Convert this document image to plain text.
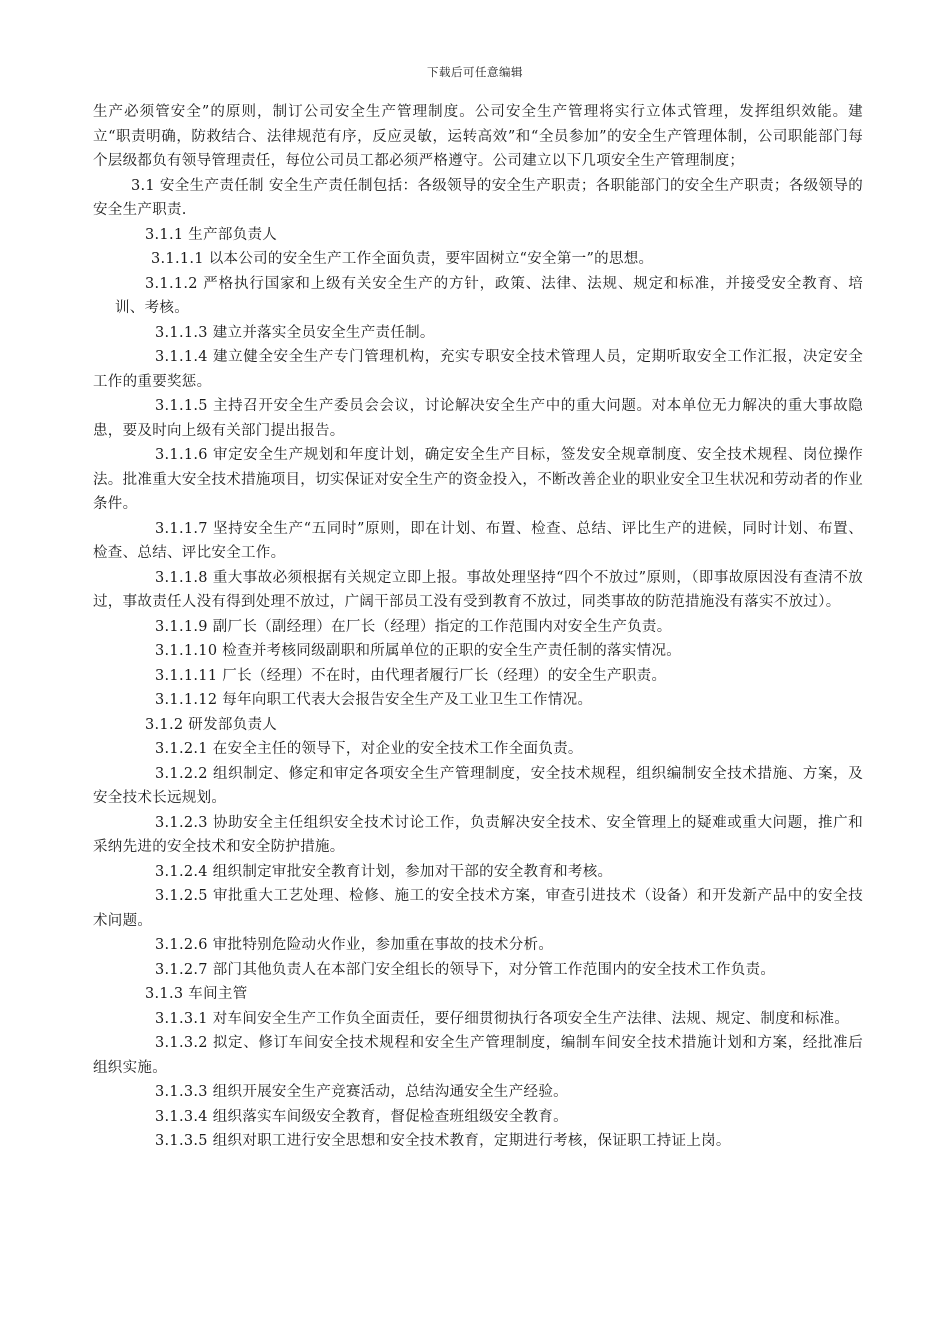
下载后可任意编辑

生产必须管安全”的原则，制订公司安全生产管理制度。公司安全生产管理将实行立体式管理，发挥组织效能。建立“职责明确，防救结合、法律规范有序，反应灵敏，运转高效”和“全员参加”的安全生产管理体制，公司职能部门每个层级都负有领导管理责任，每位公司员工都必须严格遵守。公司建立以下几项安全生产管理制度；

3.1 安全生产责任制 安全生产责任制包括：各级领导的安全生产职责；各职能部门的安全生产职责；各级领导的安全生产职责.

3.1.1 生产部负责人

3.1.1.1 以本公司的安全生产工作全面负责，要牢固树立“安全第一”的思想。

3.1.1.2 严格执行国家和上级有关安全生产的方针，政策、法律、法规、规定和标准，并接受安全教育、培训、考核。

3.1.1.3 建立并落实全员安全生产责任制。

3.1.1.4 建立健全安全生产专门管理机构，充实专职安全技术管理人员，定期听取安全工作汇报，决定安全工作的重要奖惩。

3.1.1.5 主持召开安全生产委员会会议，讨论解决安全生产中的重大问题。对本单位无力解决的重大事故隐患，要及时向上级有关部门提出报告。

3.1.1.6 审定安全生产规划和年度计划，确定安全生产目标，签发安全规章制度、安全技术规程、岗位操作法。批准重大安全技术措施项目，切实保证对安全生产的资金投入，不断改善企业的职业安全卫生状况和劳动者的作业条件。

3.1.1.7 坚持安全生产“五同时”原则，即在计划、布置、检查、总结、评比生产的进候，同时计划、布置、检查、总结、评比安全工作。

3.1.1.8 重大事故必须根据有关规定立即上报。事故处理坚持“四个不放过”原则，（即事故原因没有查清不放过，事故责任人没有得到处理不放过，广阔干部员工没有受到教育不放过，同类事故的防范措施没有落实不放过）。

3.1.1.9 副厂长（副经理）在厂长（经理）指定的工作范围内对安全生产负责。

3.1.1.10 检查并考核同级副职和所属单位的正职的安全生产责任制的落实情况。

3.1.1.11 厂长（经理）不在时，由代理者履行厂长（经理）的安全生产职责。

3.1.1.12 每年向职工代表大会报告安全生产及工业卫生工作情况。

3.1.2 研发部负责人

3.1.2.1 在安全主任的领导下，对企业的安全技术工作全面负责。

3.1.2.2 组织制定、修定和审定各项安全生产管理制度，安全技术规程，组织编制安全技术措施、方案，及安全技术长远规划。

3.1.2.3 协助安全主任组织安全技术讨论工作，负责解决安全技术、安全管理上的疑难或重大问题，推广和采纳先进的安全技术和安全防护措施。

3.1.2.4 组织制定审批安全教育计划，参加对干部的安全教育和考核。

3.1.2.5 审批重大工艺处理、检修、施工的安全技术方案，审查引进技术（设备）和开发新产品中的安全技术问题。

3.1.2.6 审批特别危险动火作业，参加重在事故的技术分析。

3.1.2.7 部门其他负责人在本部门安全组长的领导下，对分管工作范围内的安全技术工作负责。

3.1.3 车间主管

3.1.3.1 对车间安全生产工作负全面责任，要仔细贯彻执行各项安全生产法律、法规、规定、制度和标准。

3.1.3.2 拟定、修订车间安全技术规程和安全生产管理制度，编制车间安全技术措施计划和方案，经批准后组织实施。

3.1.3.3 组织开展安全生产竞赛活动，总结沟通安全生产经验。

3.1.3.4 组织落实车间级安全教育，督促检查班组级安全教育。

3.1.3.5 组织对职工进行安全思想和安全技术教育，定期进行考核，保证职工持证上岗。
